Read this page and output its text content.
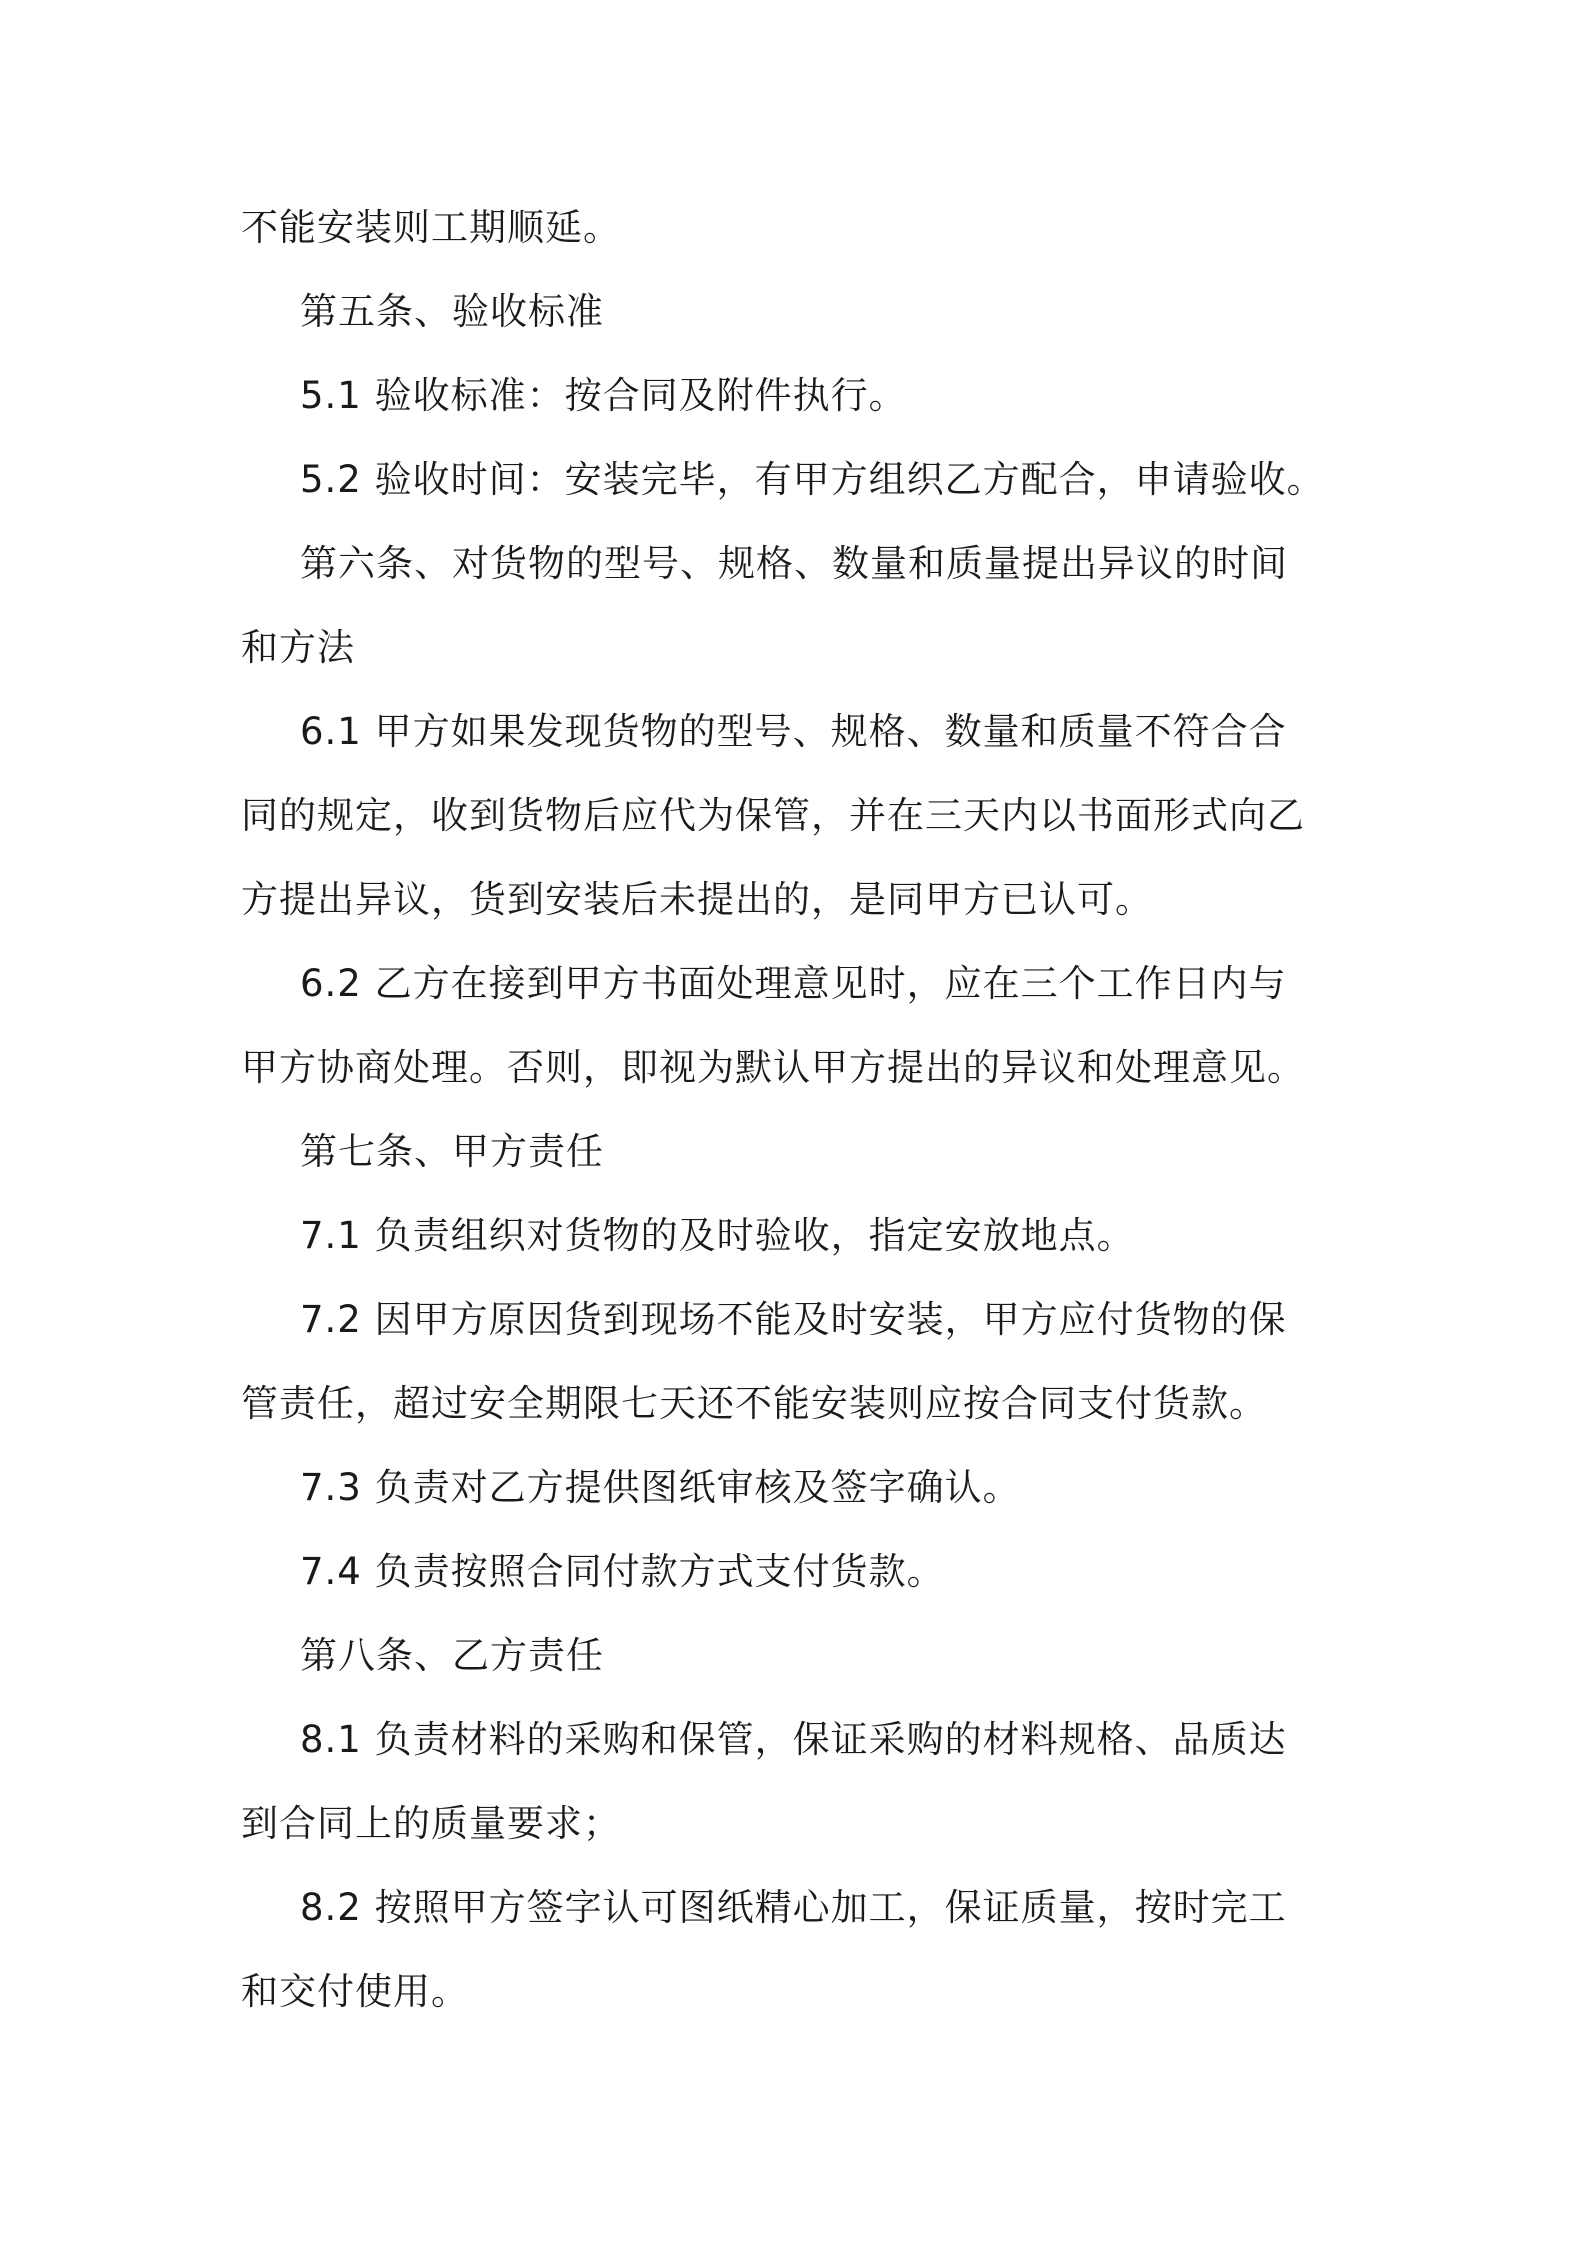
不能安装则工期顺延。
第五条、验收标准
5.1 验收标准：按合同及附件执行。
5.2 验收时间：安装完毕，有甲方组织乙方配合，申请验收。
第六条、对货物的型号、规格、数量和质量提出异议的时间
和方法
6.1 甲方如果发现货物的型号、规格、数量和质量不符合合
同的规定，收到货物后应代为保管，并在三天内以书面形式向乙
方提出异议，货到安装后未提出的，是同甲方已认可。
6.2 乙方在接到甲方书面处理意见时，应在三个工作日内与
甲方协商处理。否则，即视为默认甲方提出的异议和处理意见。
第七条、甲方责任
7.1 负责组织对货物的及时验收，指定安放地点。
7.2 因甲方原因货到现场不能及时安装，甲方应付货物的保
管责任，超过安全期限七天还不能安装则应按合同支付货款。
7.3 负责对乙方提供图纸审核及签字确认。
7.4 负责按照合同付款方式支付货款。
第八条、乙方责任
8.1 负责材料的采购和保管，保证采购的材料规格、品质达
到合同上的质量要求；
8.2 按照甲方签字认可图纸精心加工，保证质量，按时完工
和交付使用。
